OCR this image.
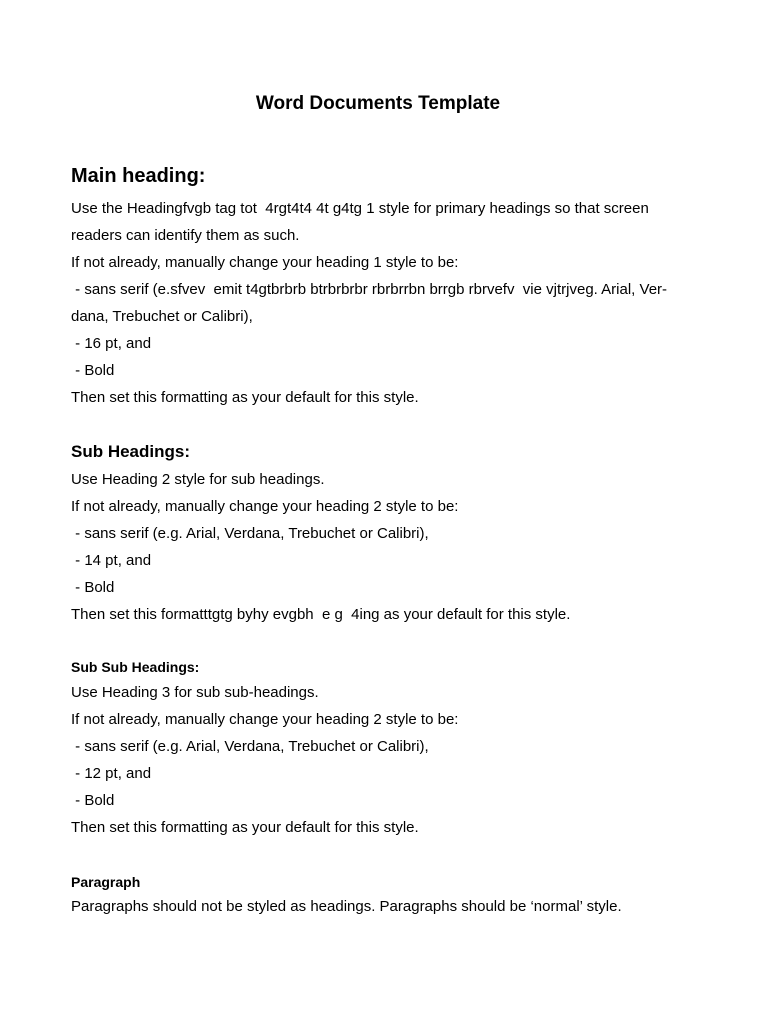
Word Documents Template
Main heading:

Use the Headingfvgb tag tot  4rgt4t4 4t g4tg 1 style for primary headings so that screen

readers can identify them as such.

If not already, manually change your heading 1 style to be:

- sans serif (e.sfvev  emit t4gtbrbrb btrbrbrbr rbrbrrbn brrgb rbrvefv  vie vjtrjveg. Arial, Ver-

dana, Trebuchet or Calibri),

- 16 pt, and

- Bold

Then set this formatting as your default for this style.

Sub Headings:

Use Heading 2 style for sub headings.

If not already, manually change your heading 2 style to be:

- sans serif (e.g. Arial, Verdana, Trebuchet or Calibri),

- 14 pt, and

- Bold

Then set this formatttgtg byhy evgbh  e g  4ing as your default for this style.

Sub Sub Headings:

Use Heading 3 for sub sub-headings.

If not already, manually change your heading 2 style to be:

- sans serif (e.g. Arial, Verdana, Trebuchet or Calibri),

- 12 pt, and

- Bold

Then set this formatting as your default for this style.

Paragraph

Paragraphs should not be styled as headings. Paragraphs should be ‘normal’ style.
